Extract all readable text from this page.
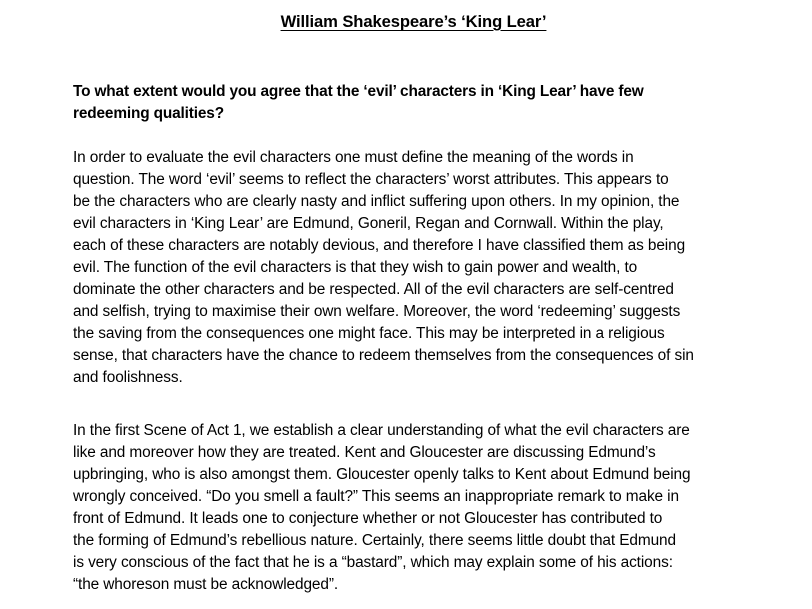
William Shakespeare’s ‘King Lear’
To what extent would you agree that the ‘evil’ characters in ‘King Lear’ have few
redeeming qualities?
In order to evaluate the evil characters one must define the meaning of the words in
question. The word ‘evil’ seems to reflect the characters’ worst attributes. This appears to
be the characters who are clearly nasty and inflict suffering upon others. In my opinion, the
evil characters in ‘King Lear’ are Edmund, Goneril, Regan and Cornwall. Within the play,
each of these characters are notably devious, and therefore I have classified them as being
evil. The function of the evil characters is that they wish to gain power and wealth, to
dominate the other characters and be respected. All of the evil characters are self-centred
and selfish, trying to maximise their own welfare. Moreover, the word ‘redeeming’ suggests
the saving from the consequences one might face. This may be interpreted in a religious
sense, that characters have the chance to redeem themselves from the consequences of sin
and foolishness.
In the first Scene of Act 1, we establish a clear understanding of what the evil characters are
like and moreover how they are treated. Kent and Gloucester are discussing Edmund’s
upbringing, who is also amongst them. Gloucester openly talks to Kent about Edmund being
wrongly conceived. “Do you smell a fault?” This seems an inappropriate remark to make in
front of Edmund. It leads one to conjecture whether or not Gloucester has contributed to
the forming of Edmund’s rebellious nature. Certainly, there seems little doubt that Edmund
is very conscious of the fact that he is a “bastard”, which may explain some of his actions:
“the whoreson must be acknowledged”.
